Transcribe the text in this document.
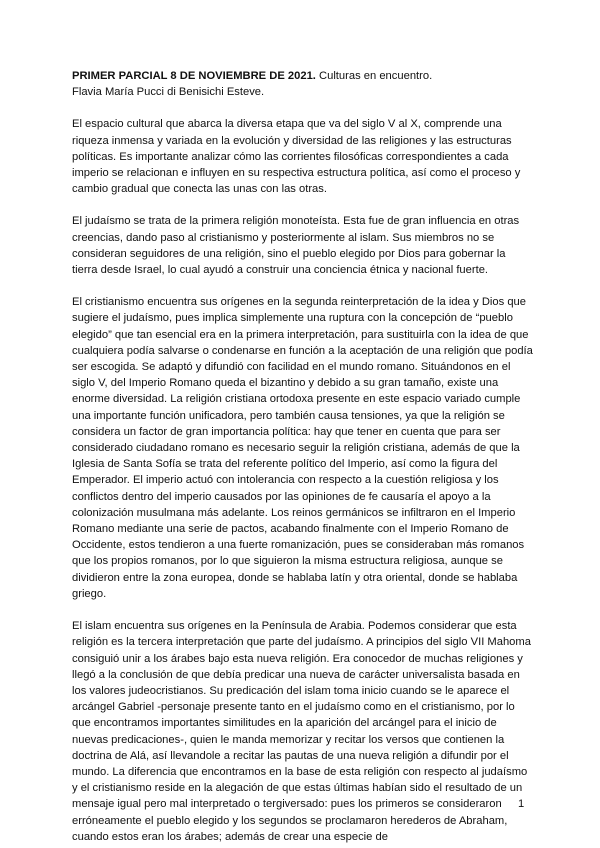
PRIMER PARCIAL 8 DE NOVIEMBRE DE 2021. Culturas en encuentro.

Flavia María Pucci di Benisichi Esteve.

El espacio cultural que abarca la diversa etapa que va del siglo V al X, comprende una riqueza inmensa y variada en la evolución y diversidad de las religiones y las estructuras políticas. Es importante analizar cómo las corrientes filosóficas correspondientes a cada imperio se relacionan e influyen en su respectiva estructura política, así como el proceso y cambio gradual que conecta las unas con las otras.

El judaísmo se trata de la primera religión monoteísta. Esta fue de gran influencia en otras creencias, dando paso al cristianismo y posteriormente al islam. Sus miembros no se consideran seguidores de una religión, sino el pueblo elegido por Dios para gobernar la tierra desde Israel, lo cual ayudó a construir una conciencia étnica y nacional fuerte.

El cristianismo encuentra sus orígenes en la segunda reinterpretación de la idea y Dios que sugiere el judaísmo, pues implica simplemente una ruptura con la concepción de “pueblo elegido” que tan esencial era en la primera interpretación, para sustituirla con la idea de que cualquiera podía salvarse o condenarse en función a la aceptación de una religión que podía ser escogida. Se adaptó y difundió con facilidad en el mundo romano. Situándonos en el siglo V, del Imperio Romano queda el bizantino y debido a su gran tamaño, existe una enorme diversidad. La religión cristiana ortodoxa presente en este espacio variado cumple una importante función unificadora, pero también causa tensiones, ya que la religión se considera un factor de gran importancia política: hay que tener en cuenta que para ser considerado ciudadano romano es necesario seguir la religión cristiana, además de que la Iglesia de Santa Sofía se trata del referente político del Imperio, así como la figura del Emperador. El imperio actuó con intolerancia con respecto a la cuestión religiosa y los conflictos dentro del imperio causados por las opiniones de fe causaría el apoyo a la colonización musulmana más adelante. Los reinos germánicos se infiltraron en el Imperio Romano mediante una serie de pactos, acabando finalmente con el Imperio Romano de Occidente, estos tendieron a una fuerte romanización, pues se consideraban más romanos que los propios romanos, por lo que siguieron la misma estructura religiosa, aunque se dividieron entre la zona europea, donde se hablaba latín y otra oriental, donde se hablaba griego.

El islam encuentra sus orígenes en la Península de Arabia. Podemos considerar que esta religión es la tercera interpretación que parte del judaísmo. A principios del siglo VII Mahoma consiguió unir a los árabes bajo esta nueva religión. Era conocedor de muchas religiones y llegó a la conclusión de que debía predicar una nueva de carácter universalista basada en los valores judeocristianos. Su predicación del islam toma inicio cuando se le aparece el arcángel Gabriel -personaje presente tanto en el judaísmo como en el cristianismo, por lo que encontramos importantes similitudes en la aparición del arcángel para el inicio de nuevas predicaciones-, quien le manda memorizar y recitar los versos que contienen la doctrina de Alá, así llevandole a recitar las pautas de una nueva religión a difundir por el mundo. La diferencia que encontramos en la base de esta religión con respecto al judaísmo y el cristianismo reside en la alegación de que estas últimas habían sido el resultado de un mensaje igual pero mal interpretado o tergiversado: pues los primeros se consideraron erróneamente el pueblo elegido y los segundos se proclamaron herederos de Abraham, cuando estos eran los árabes; además de crear una especie de

1
